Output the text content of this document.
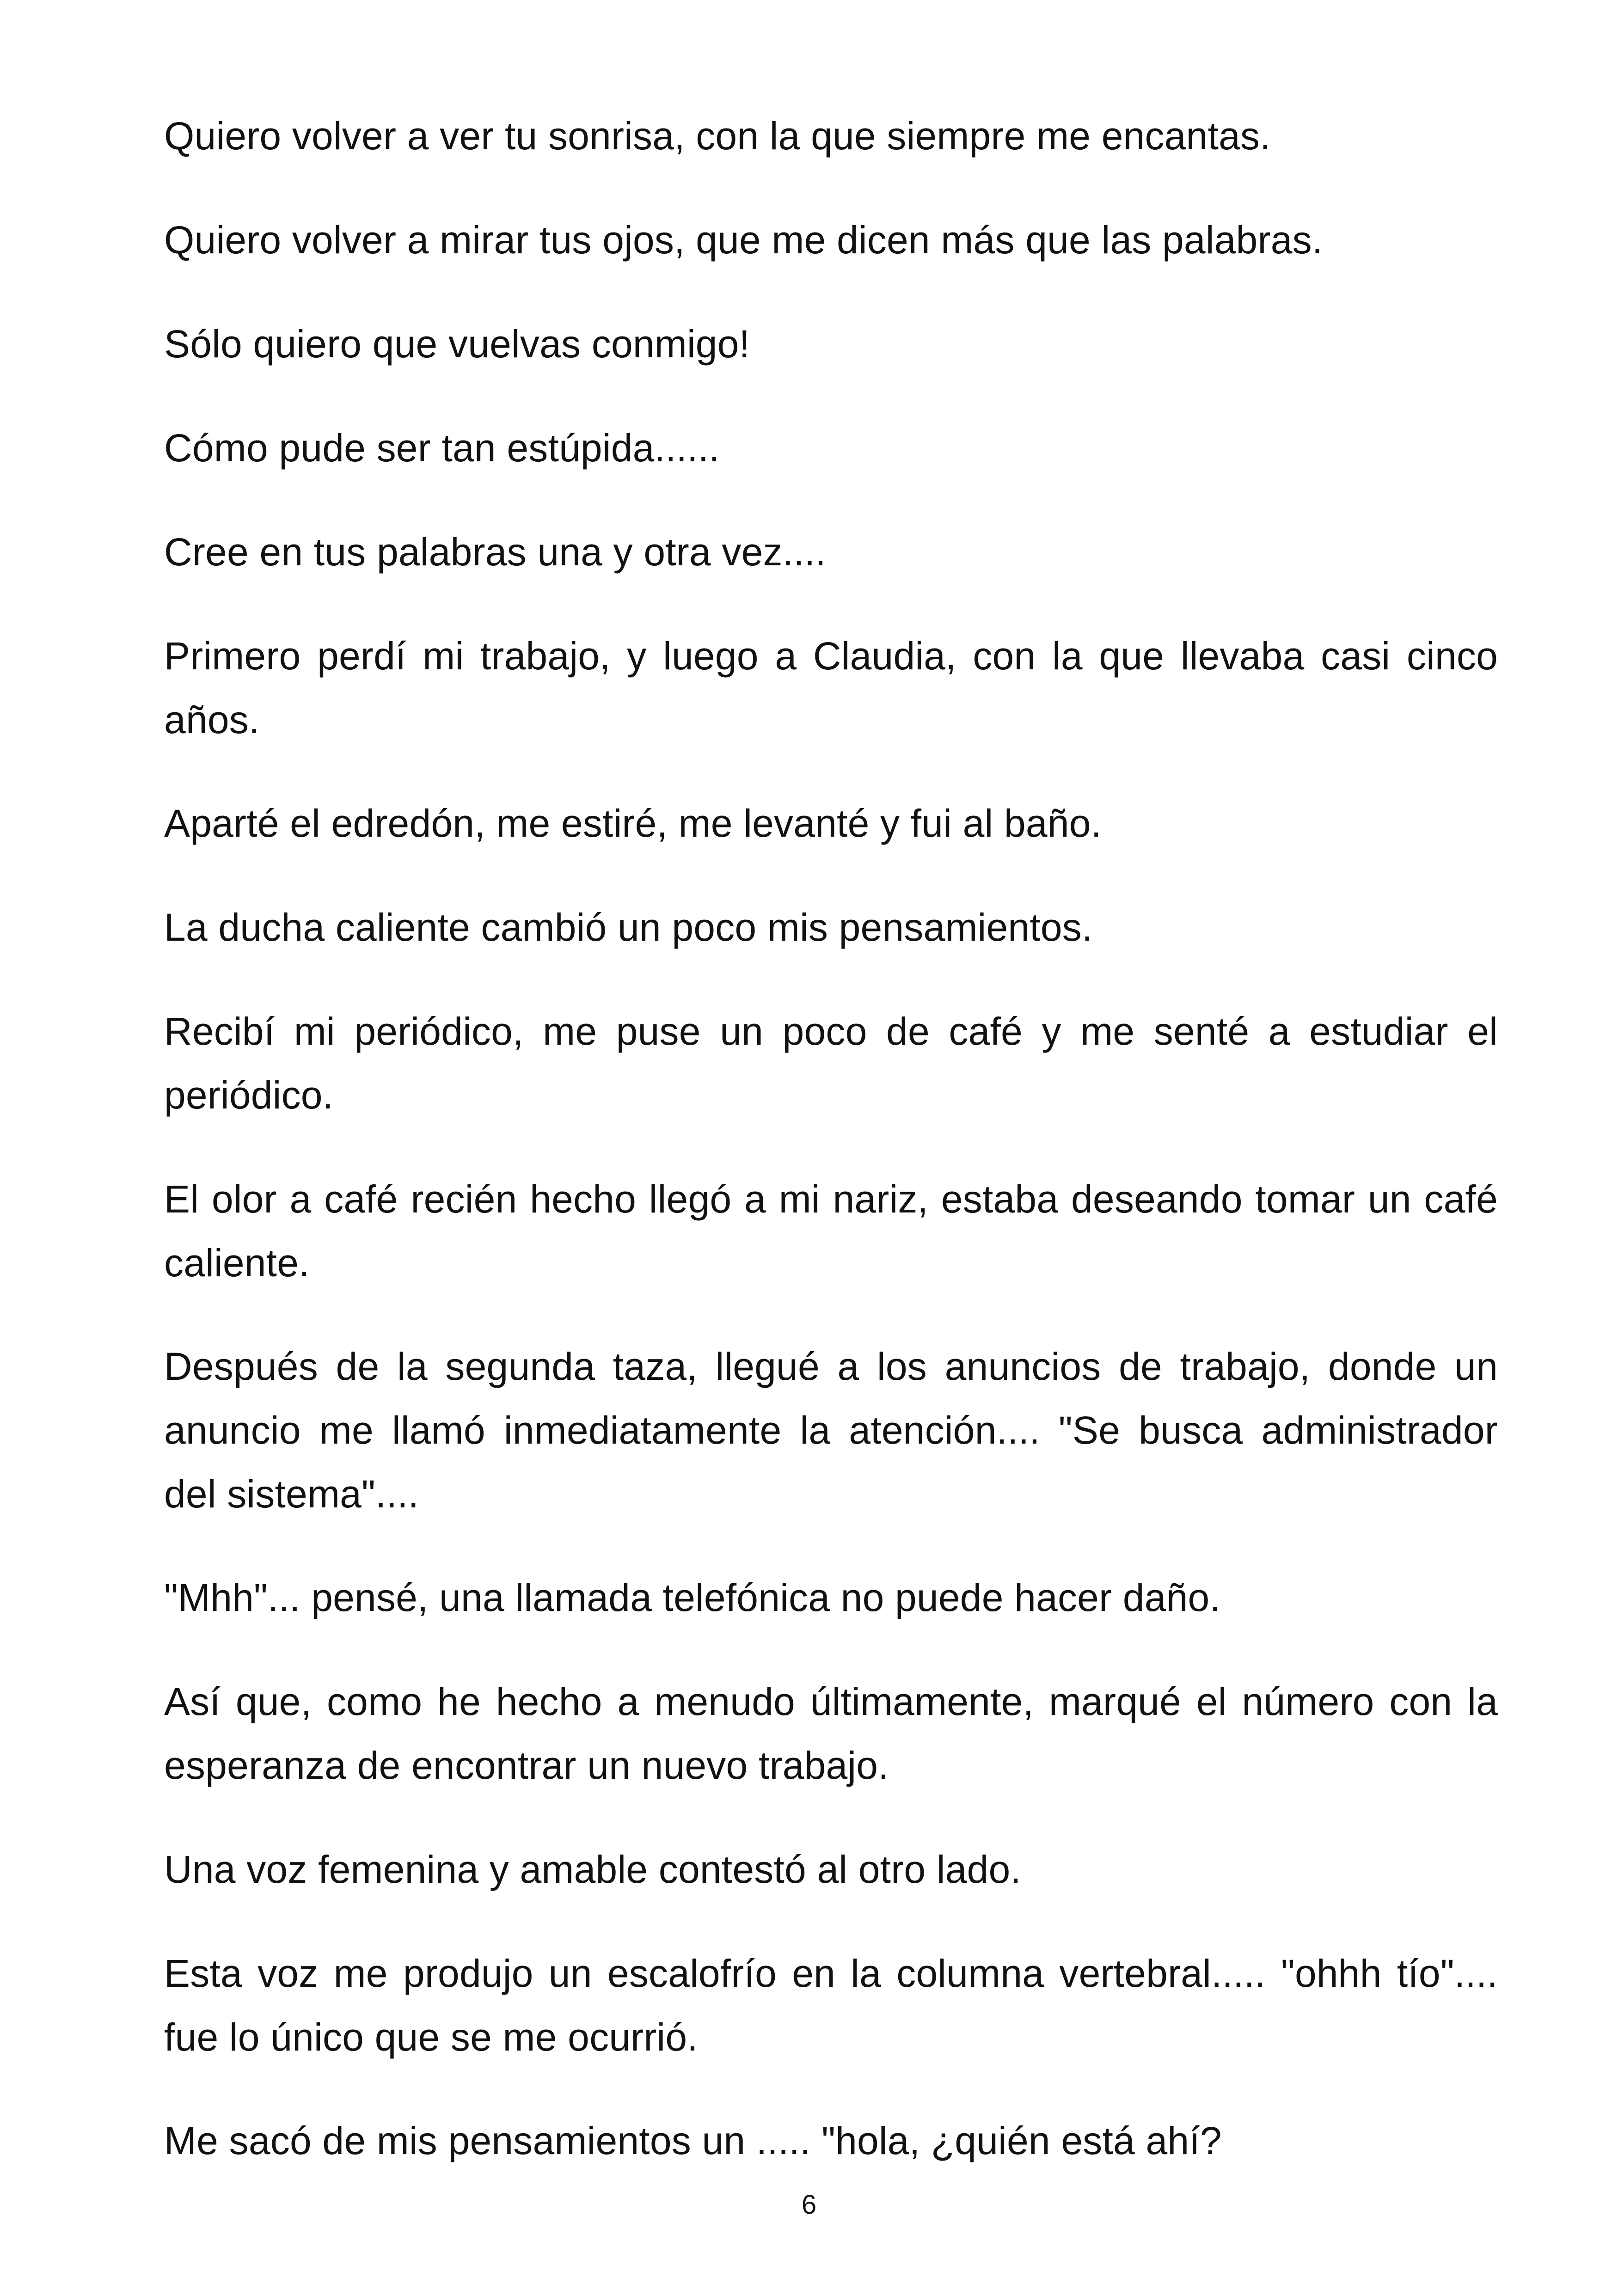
Quiero volver a ver tu sonrisa, con la que siempre me encantas.

Quiero volver a mirar tus ojos, que me dicen más que las palabras.

Sólo quiero que vuelvas conmigo!

Cómo pude ser tan estúpida......

Cree en tus palabras una y otra vez....

Primero perdí mi trabajo, y luego a Claudia, con la que llevaba casi cinco años.

Aparté el edredón, me estiré, me levanté y fui al baño.

La ducha caliente cambió un poco mis pensamientos.

Recibí mi periódico, me puse un poco de café y me senté a estudiar el periódico.

El olor a café recién hecho llegó a mi nariz, estaba deseando tomar un café caliente.

Después de la segunda taza, llegué a los anuncios de trabajo, donde un anuncio me llamó inmediatamente la atención.... "Se busca administrador del sistema"....

"Mhh"... pensé, una llamada telefónica no puede hacer daño.

Así que, como he hecho a menudo últimamente, marqué el número con la esperanza de encontrar un nuevo trabajo.

Una voz femenina y amable contestó al otro lado.

Esta voz me produjo un escalofrío en la columna vertebral..... "ohhh tío".... fue lo único que se me ocurrió.

Me sacó de mis pensamientos un ..... "hola, ¿quién está ahí?

6
